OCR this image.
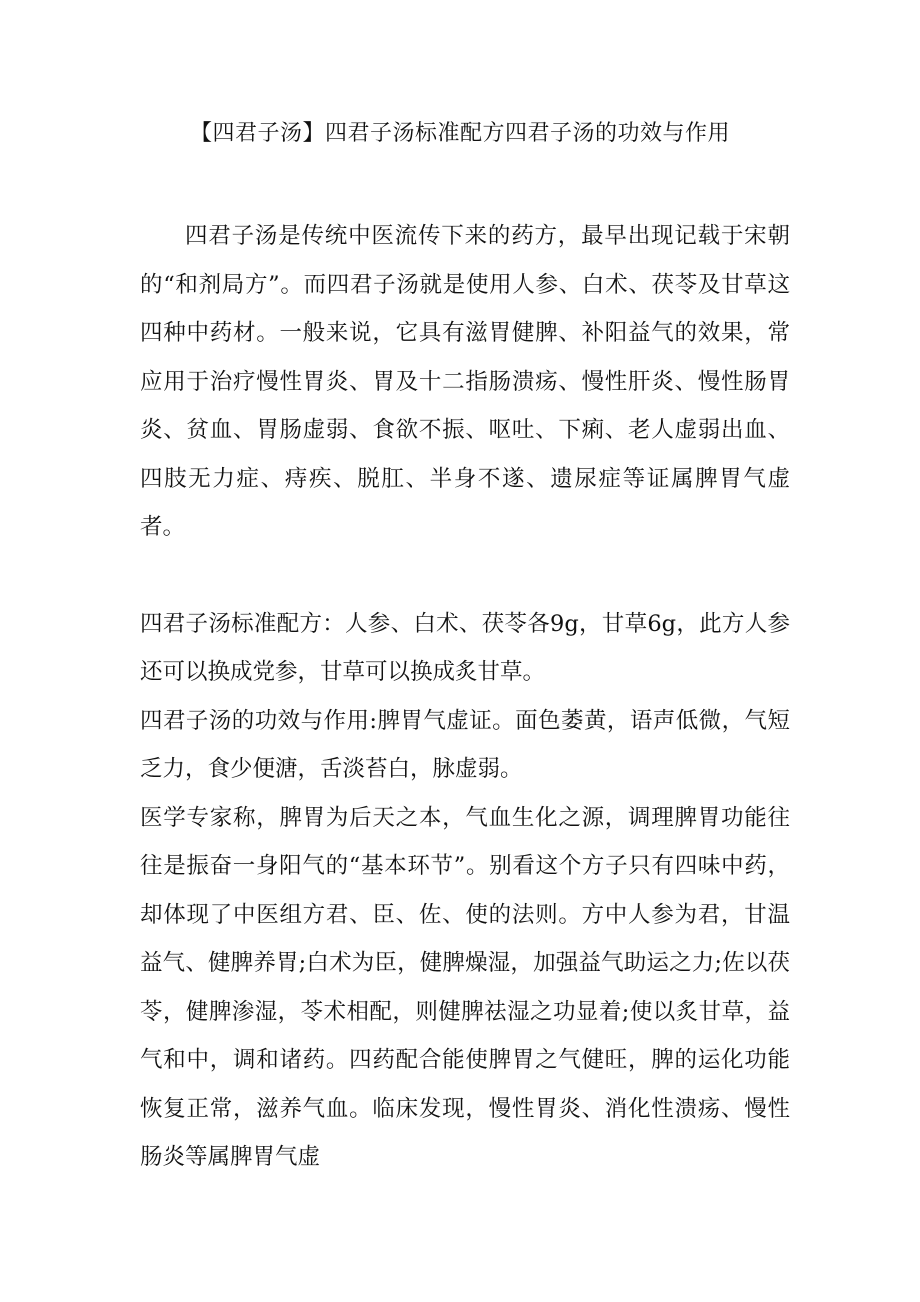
【四君子汤】四君子汤标准配方四君子汤的功效与作用

四君子汤是传统中医流传下来的药方，最早出现记载于宋朝的“和剂局方”。而四君子汤就是使用人参、白术、茯苓及甘草这四种中药材。一般来说，它具有滋胃健脾、补阳益气的效果，常应用于治疗慢性胃炎、胃及十二指肠溃疡、慢性肝炎、慢性肠胃炎、贫血、胃肠虚弱、食欲不振、呕吐、下痢、老人虚弱出血、四肢无力症、痔疾、脱肛、半身不遂、遗尿症等证属脾胃气虚者。

四君子汤标准配方：人参、白术、茯苓各9g，甘草6g，此方人参还可以换成党参，甘草可以换成炙甘草。

四君子汤的功效与作用:脾胃气虚证。面色萎黄，语声低微，气短乏力，食少便溏，舌淡苔白，脉虚弱。

医学专家称，脾胃为后天之本，气血生化之源，调理脾胃功能往往是振奋一身阳气的“基本环节”。别看这个方子只有四味中药，却体现了中医组方君、臣、佐、使的法则。方中人参为君，甘温益气、健脾养胃;白术为臣，健脾燥湿，加强益气助运之力;佐以茯苓，健脾渗湿，苓术相配，则健脾祛湿之功显着;使以炙甘草，益气和中，调和诸药。四药配合能使脾胃之气健旺，脾的运化功能恢复正常，滋养气血。临床发现，慢性胃炎、消化性溃疡、慢性肠炎等属脾胃气虚
